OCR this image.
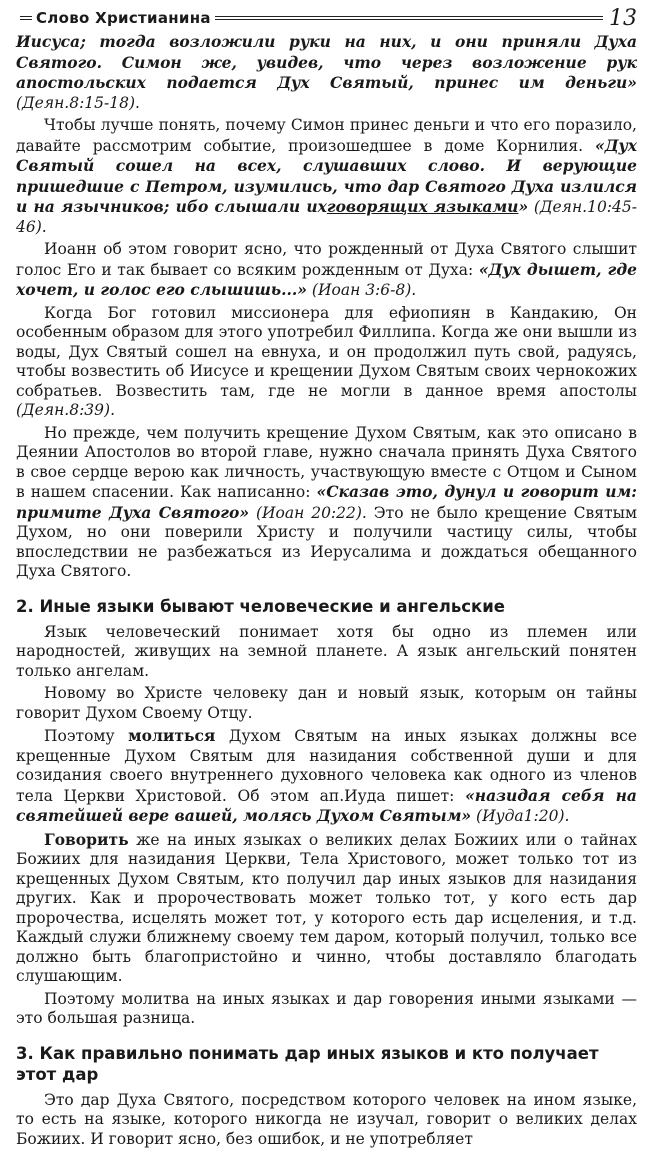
Слово Христианина	13

Иисуса; тогда возложили руки на них, и они приняли Духа Святого. Симон же, увидев, что через возложение рук апостольских подается Дух Святый, принес им деньги» (Деян.8:15-18).

Чтобы лучше понять, почему Симон принес деньги и что его поразило, давайте рассмотрим событие, произошедшее в доме Корнилия. «Дух Святый сошел на всех, слушавших слово. И верующие пришедшие с Петром, изумились, что дар Святого Духа излился и на язычников; ибо слышали ихговорящих языками» (Деян.10:45-46).

Иоанн об этом говорит ясно, что рожденный от Духа Святого слышит голос Его и так бывает со всяким рожденным от Духа: «Дух дышет, где хочет, и голос его слышишь...» (Иоан 3:6-8).

Когда Бог готовил миссионера для ефиопиян в Кандакию, Он особенным образом для этого употребил Филлипа. Когда же они вышли из воды, Дух Святый сошел на евнуха, и он продолжил путь свой, радуясь, чтобы возвестить об Иисусе и крещении Духом Святым своих чернокожих собратьев. Возвестить там, где не могли в данное время апостолы (Деян.8:39).

Но прежде, чем получить крещение Духом Святым, как это описано в Деянии Апостолов во второй главе, нужно сначала принять Духа Святого в свое сердце верою как личность, участвующую вместе с Отцом и Сыном в нашем спасении. Как написанно: «Сказав это, дунул и говорит им: примите Духа Святого» (Иоан 20:22). Это не было крещение Святым Духом, но они поверили Христу и получили частицу силы, чтобы впоследствии не разбежаться из Иерусалима и дождаться обещанного Духа Святого.

2. Иные языки бывают человеческие и ангельские

Язык человеческий понимает хотя бы одно из племен или народностей, живущих на земной планете. А язык ангельский понятен только ангелам.

Новому во Христе человеку дан и новый язык, которым он тайны говорит Духом Своему Отцу.

Поэтому молиться Духом Святым на иных языках должны все крещенные Духом Святым для назидания собственной души и для созидания своего внутреннего духовного человека как одного из членов тела Церкви Христовой. Об этом ап.Иуда пишет: «назидая себя на святейшей вере вашей, молясь Духом Святым» (Иуда1:20).

Говорить же на иных языках о великих делах Божиих или о тайнах Божиих для назидания Церкви, Тела Христового, может только тот из крещенных Духом Святым, кто получил дар иных языков для назидания других. Как и пророчествовать может только тот, у кого есть дар пророчества, исцелять может тот, у которого есть дар исцеления, и т.д. Каждый служи ближнему своему тем даром, который получил, только все должно быть благопристойно и чинно, чтобы доставляло благодать слушающим.

Поэтому молитва на иных языках и дар говорения иными языками — это большая разница.

3. Как правильно понимать дар иных языков и кто получает этот дар

Это дар Духа Святого, посредством которого человек на ином языке, то есть на языке, которого никогда не изучал, говорит о великих делах Божиих. И говорит ясно, без ошибок, и не употребляет
